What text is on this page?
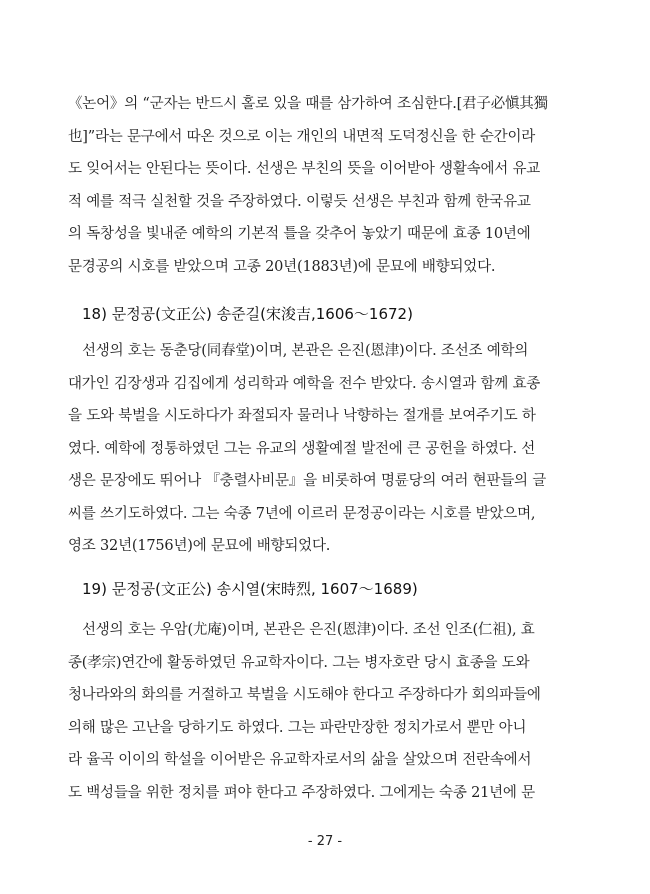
《논어》의 “군자는 반드시 홀로 있을 때를 삼가하여 조심한다.[君子必愼其獨
也]”라는 문구에서 따온 것으로 이는 개인의 내면적 도덕정신을 한 순간이라
도 잊어서는 안된다는 뜻이다. 선생은 부친의 뜻을 이어받아 생활속에서 유교
적 예를 적극 실천할 것을 주장하였다. 이렇듯 선생은 부친과 함께 한국유교
의 독창성을 빛내준 예학의 기본적 틀을 갖추어 놓았기 때문에 효종 10년에
문경공의 시호를 받았으며 고종 20년(1883년)에 문묘에 배향되었다.
18) 문정공(文正公) 송준길(宋浚吉,1606～1672)
선생의 호는 동춘당(同春堂)이며, 본관은 은진(恩津)이다. 조선조 예학의
대가인 김장생과 김집에게 성리학과 예학을 전수 받았다. 송시열과 함께 효종
을 도와 북벌을 시도하다가 좌절되자 물러나 낙향하는 절개를 보여주기도 하
였다. 예학에 정통하였던 그는 유교의 생활예절 발전에 큰 공헌을 하였다. 선
생은 문장에도 뛰어나 『충렬사비문』을 비롯하여 명륜당의 여러 현판들의 글
씨를 쓰기도하였다. 그는 숙종 7년에 이르러 문정공이라는 시호를 받았으며,
영조 32년(1756년)에 문묘에 배향되었다.
19) 문정공(文正公) 송시열(宋時烈, 1607～1689)
선생의 호는 우암(尤庵)이며, 본관은 은진(恩津)이다. 조선 인조(仁祖), 효
종(孝宗)연간에 활동하였던 유교학자이다. 그는 병자호란 당시 효종을 도와
청나라와의 화의를 거절하고 북벌을 시도해야 한다고 주장하다가 회의파들에
의해 많은 고난을 당하기도 하였다. 그는 파란만장한 정치가로서 뿐만 아니
라 율곡 이이의 학설을 이어받은 유교학자로서의 삶을 살았으며 전란속에서
도 백성들을 위한 정치를 펴야 한다고 주장하였다. 그에게는 숙종 21년에 문
- 27 -
